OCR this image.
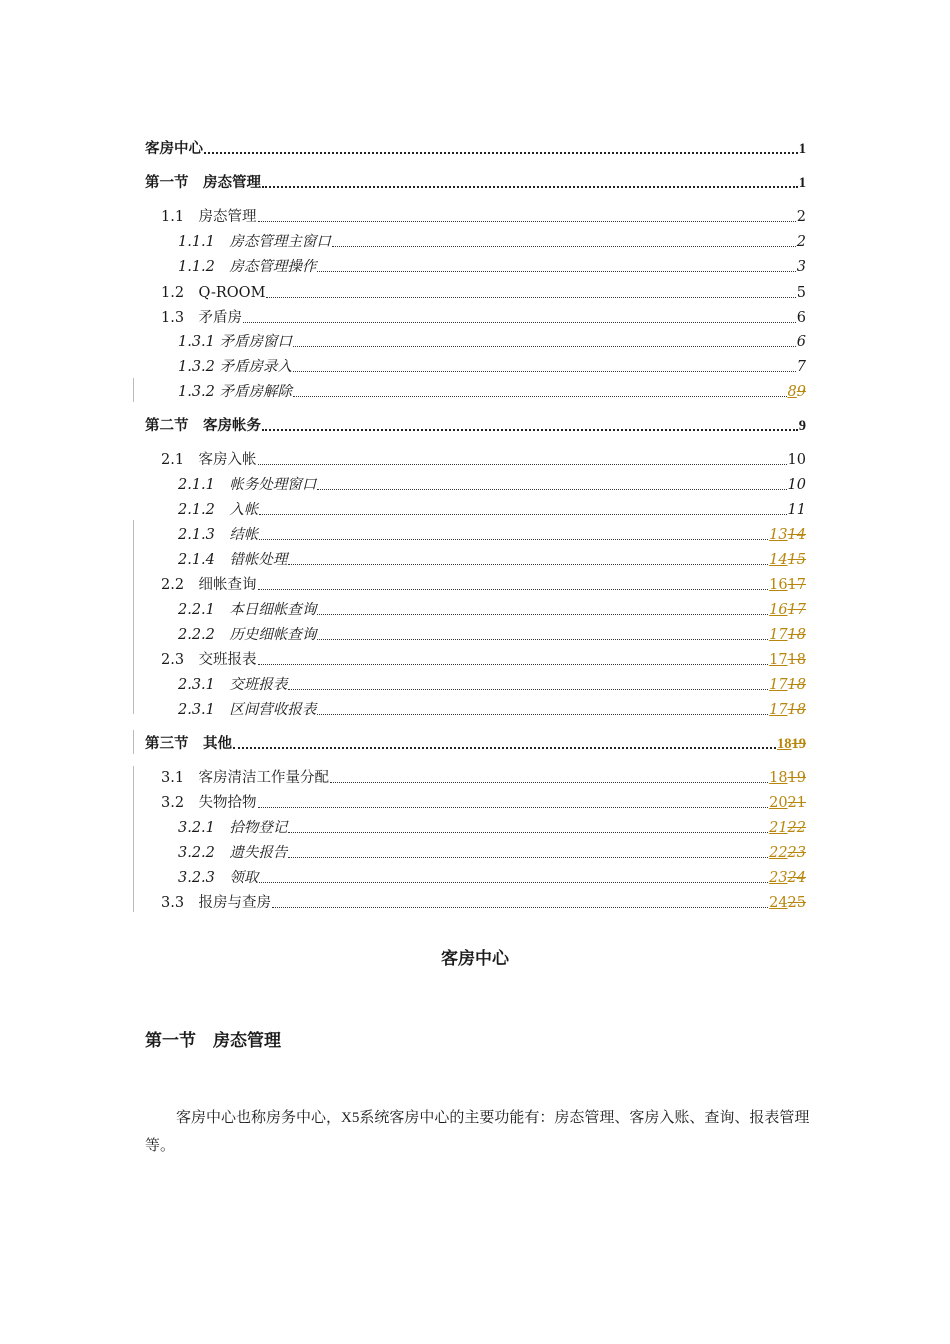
客房中心	1
第一节　房态管理	1
1.1　房态管理	2
1.1.1　房态管理主窗口	2
1.1.2　房态管理操作	3
1.2　Q-ROOM	5
1.3　矛盾房	6
1.3.1 矛盾房窗口	6
1.3.2 矛盾房录入	7
1.3.2 矛盾房解除	89
第二节　客房帐务	9
2.1　客房入帐	10
2.1.1　帐务处理窗口	10
2.1.2　入帐	11
2.1.3　结帐	1314
2.1.4　错帐处理	1415
2.2　细帐查询	1617
2.2.1　本日细帐查询	1617
2.2.2　历史细帐查询	1718
2.3　交班报表	1718
2.3.1　交班报表	1718
2.3.1　区间营收报表	1718
第三节　其他	1819
3.1　客房清洁工作量分配	1819
3.2　失物拾物	2021
3.2.1　拾物登记	2122
3.2.2　遗失报告	2223
3.2.3　领取	2324
3.3　报房与查房	2425
客房中心
第一节　房态管理
客房中心也称房务中心，X5系统客房中心的主要功能有：房态管理、客房入账、查询、报表管理等。
